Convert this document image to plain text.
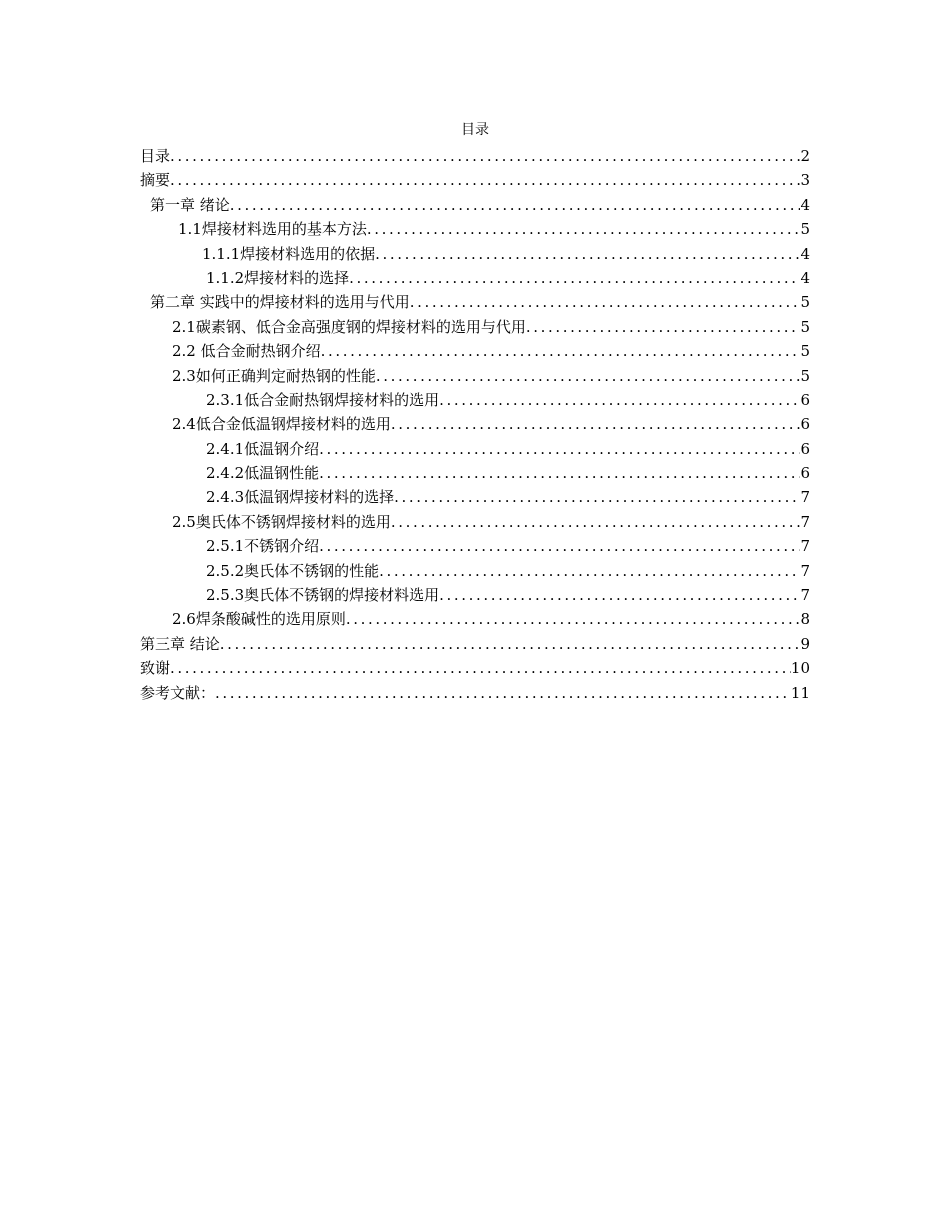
目录
目录 .....	2
摘要 .....	3
第一章 绪论 .....	4
1.1焊接材料选用的基本方法 .....	5
1.1.1焊接材料选用的依据 .....	4
1.1.2焊接材料的选择 .....	4
第二章 实践中的焊接材料的选用与代用 .....	5
2.1碳素钢、低合金高强度钢的焊接材料的选用与代用 .....	5
2.2 低合金耐热钢介绍 .....	5
2.3如何正确判定耐热钢的性能 .....	5
2.3.1低合金耐热钢焊接材料的选用 .....	6
2.4低合金低温钢焊接材料的选用 .....	6
2.4.1低温钢介绍 .....	6
2.4.2低温钢性能 .....	6
2.4.3低温钢焊接材料的选择 .....	7
2.5奥氏体不锈钢焊接材料的选用 .....	7
2.5.1不锈钢介绍 .....	7
2.5.2奥氏体不锈钢的性能 .....	7
2.5.3奥氏体不锈钢的焊接材料选用 .....	7
2.6焊条酸碱性的选用原则 .....	8
第三章 结论 .....	9
致谢 .....	10
参考文献： .....	11
